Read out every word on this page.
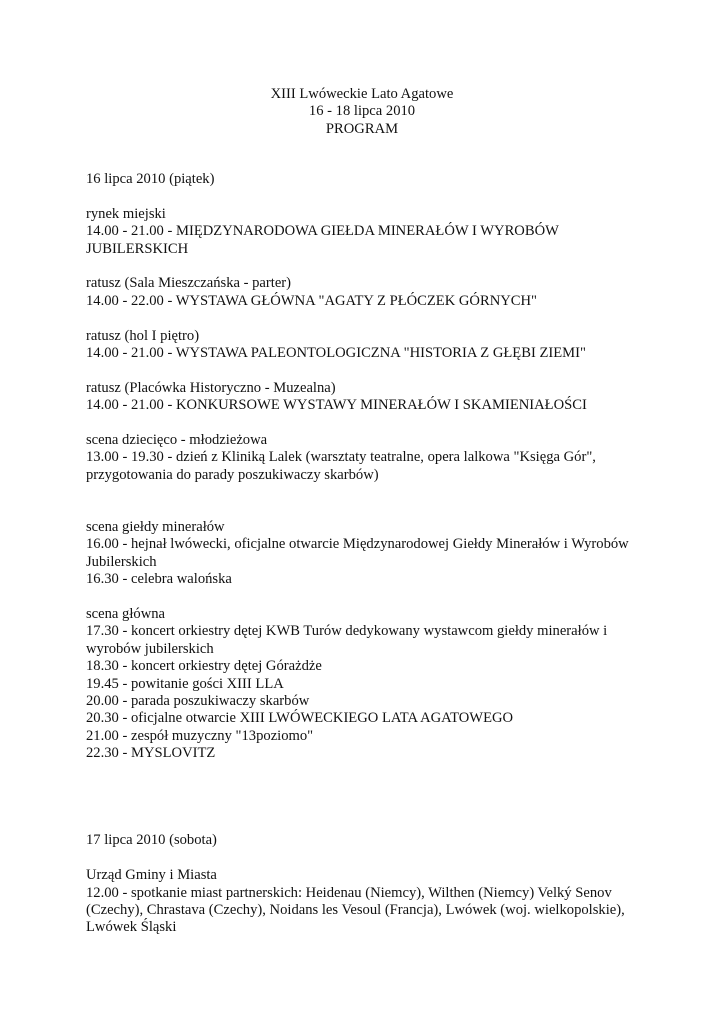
XIII Lwóweckie Lato Agatowe
16 - 18 lipca 2010
PROGRAM
16 lipca 2010 (piątek)
rynek miejski
14.00 - 21.00 - MIĘDZYNARODOWA GIEŁDA MINERAŁÓW I WYROBÓW JUBILERSKICH
ratusz (Sala Mieszczańska - parter)
14.00 - 22.00 - WYSTAWA GŁÓWNA "AGATY Z PŁÓCZEK GÓRNYCH"
ratusz (hol I piętro)
14.00 - 21.00 - WYSTAWA PALEONTOLOGICZNA "HISTORIA Z GŁĘBI ZIEMI"
ratusz (Placówka Historyczno - Muzealna)
14.00 - 21.00 - KONKURSOWE WYSTAWY MINERAŁÓW I SKAMIENIAŁOŚCI
scena dziecięco - młodzieżowa
13.00 - 19.30 - dzień z Kliniką Lalek (warsztaty teatralne, opera lalkowa "Księga Gór", przygotowania do parady poszukiwaczy skarbów)
scena giełdy minerałów
16.00 - hejnał lwówecki, oficjalne otwarcie Międzynarodowej Giełdy Minerałów i Wyrobów Jubilerskich
16.30 - celebra walońska
scena główna
17.30 - koncert orkiestry dętej KWB Turów dedykowany wystawcom giełdy minerałów i wyrobów jubilerskich
18.30 - koncert orkiestry dętej Górażdże
19.45 - powitanie gości XIII LLA
20.00 - parada poszukiwaczy skarbów
20.30 - oficjalne otwarcie XIII LWÓWECKIEGO LATA AGATOWEGO
21.00 - zespół muzyczny "13poziomo"
22.30 - MYSLOVITZ
17 lipca 2010 (sobota)
Urząd Gminy i Miasta
12.00 - spotkanie miast partnerskich: Heidenau (Niemcy), Wilthen (Niemcy) Velký Senov (Czechy), Chrastava (Czechy), Noidans les Vesoul (Francja), Lwówek (woj. wielkopolskie), Lwówek Śląski
